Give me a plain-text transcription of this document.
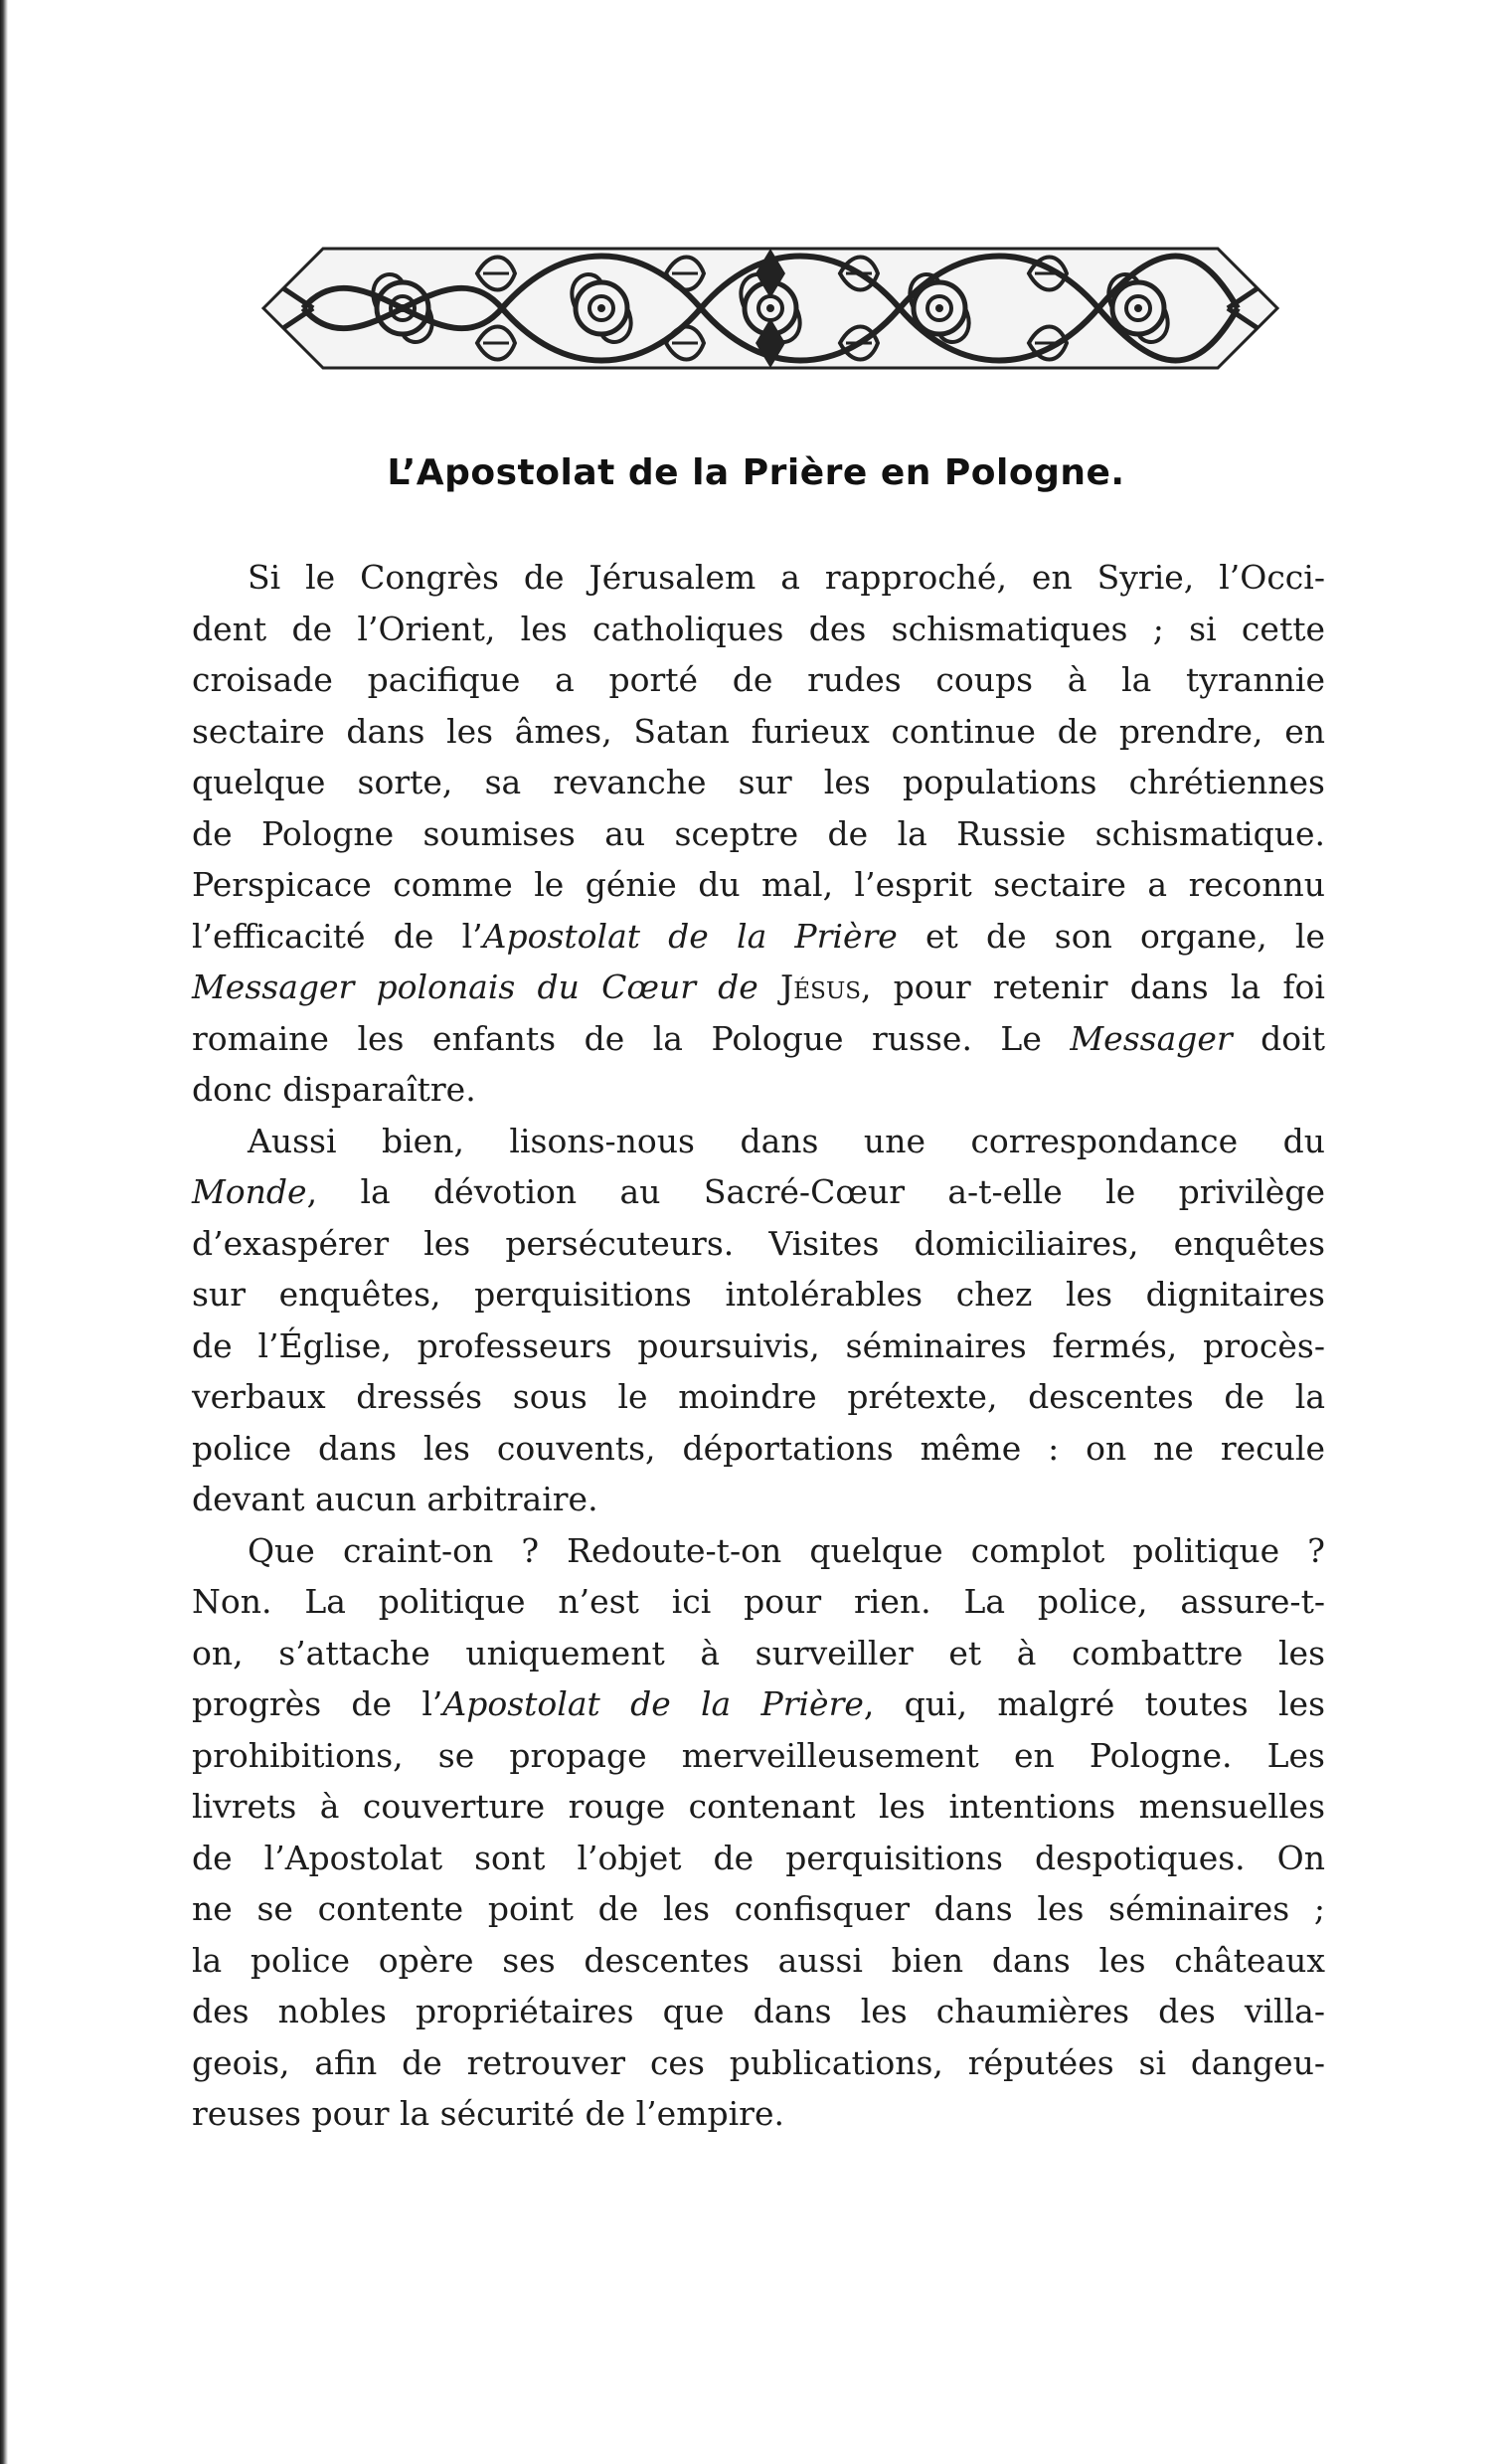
L’Apostolat de la Prière en Pologne.
Si le Congrès de Jérusalem a rapproché, en Syrie, l’Occi-
dent de l’Orient, les catholiques des schismatiques ; si cette
croisade pacifique a porté de rudes coups à la tyrannie
sectaire dans les âmes, Satan furieux continue de prendre, en
quelque sorte, sa revanche sur les populations chrétiennes
de Pologne soumises au sceptre de la Russie schismatique.
Perspicace comme le génie du mal, l’esprit sectaire a reconnu
l’efficacité de l’Apostolat de la Prière et de son organe, le
Messager polonais du Cœur de Jésus, pour retenir dans la foi
romaine les enfants de la Pologue russe. Le Messager doit
donc disparaître.
Aussi bien, lisons-nous dans une correspondance du
Monde, la dévotion au Sacré-Cœur a-t-elle le privilège
d’exaspérer les persécuteurs. Visites domiciliaires, enquêtes
sur enquêtes, perquisitions intolérables chez les dignitaires
de l’Église, professeurs poursuivis, séminaires fermés, procès-
verbaux dressés sous le moindre prétexte, descentes de la
police dans les couvents, déportations même : on ne recule
devant aucun arbitraire.
Que craint-on ? Redoute-t-on quelque complot politique ?
Non. La politique n’est ici pour rien. La police, assure-t-
on, s’attache uniquement à surveiller et à combattre les
progrès de l’Apostolat de la Prière, qui, malgré toutes les
prohibitions, se propage merveilleusement en Pologne. Les
livrets à couverture rouge contenant les intentions mensuelles
de l’Apostolat sont l’objet de perquisitions despotiques. On
ne se contente point de les confisquer dans les séminaires ;
la police opère ses descentes aussi bien dans les châteaux
des nobles propriétaires que dans les chaumières des villa-
geois, afin de retrouver ces publications, réputées si dangeu-
reuses pour la sécurité de l’empire.
